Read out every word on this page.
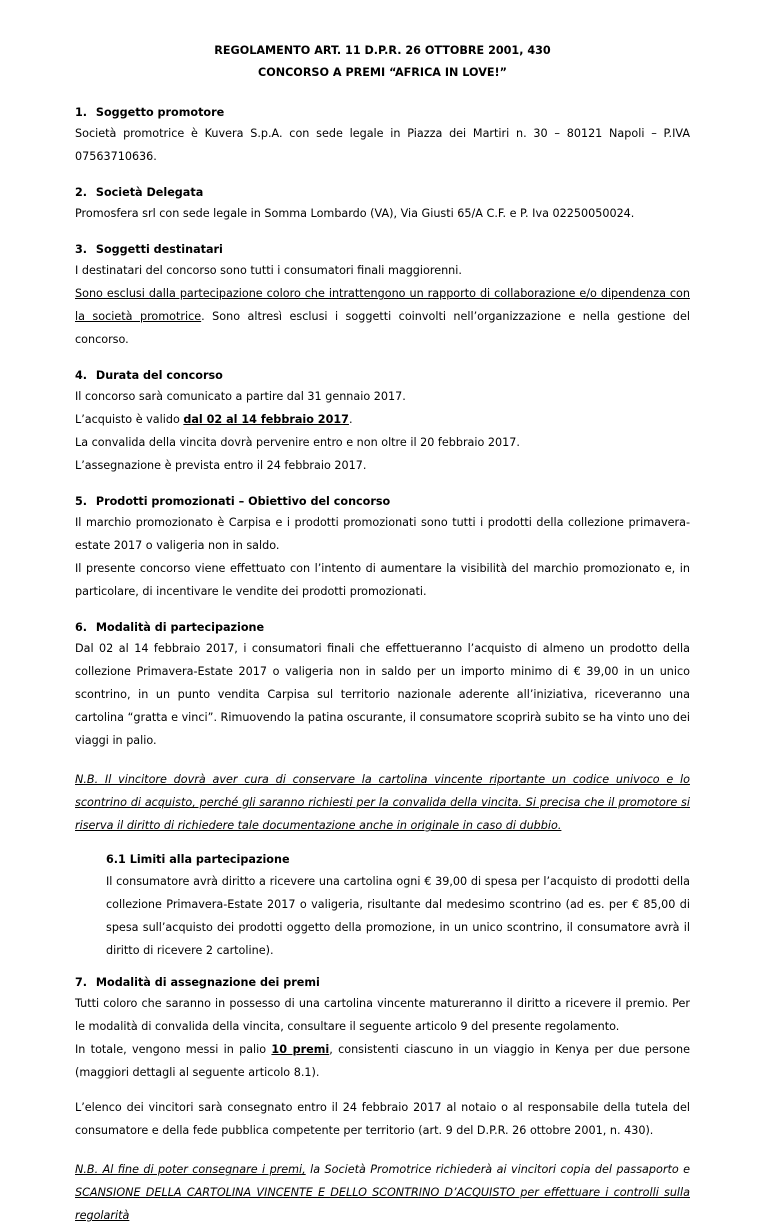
REGOLAMENTO ART. 11 D.P.R. 26 OTTOBRE 2001, 430

CONCORSO A PREMI “AFRICA IN LOVE!”

1. Soggetto promotore

Società promotrice è Kuvera S.p.A. con sede legale in Piazza dei Martiri n. 30 – 80121 Napoli – P.IVA 07563710636.

2. Società Delegata

Promosfera srl con sede legale in Somma Lombardo (VA), Via Giusti 65/A C.F. e P. Iva 02250050024.

3. Soggetti destinatari

I destinatari del concorso sono tutti i consumatori finali maggiorenni.

Sono esclusi dalla partecipazione coloro che intrattengono un rapporto di collaborazione e/o dipendenza con la società promotrice. Sono altresì esclusi i soggetti coinvolti nell’organizzazione e nella gestione del concorso.

4. Durata del concorso

Il concorso sarà comunicato a partire dal 31 gennaio 2017.

L’acquisto è valido dal 02 al 14 febbraio 2017.

La convalida della vincita dovrà pervenire entro e non oltre il 20 febbraio 2017.

L’assegnazione è prevista entro il 24 febbraio 2017.

5. Prodotti promozionati – Obiettivo del concorso

Il marchio promozionato è Carpisa e i prodotti promozionati sono tutti i prodotti della collezione primavera-estate 2017 o valigeria non in saldo.

Il presente concorso viene effettuato con l’intento di aumentare la visibilità del marchio promozionato e, in particolare, di incentivare le vendite dei prodotti promozionati.

6. Modalità di partecipazione

Dal 02 al 14 febbraio 2017, i consumatori finali che effettueranno l’acquisto di almeno un prodotto della collezione Primavera-Estate 2017 o valigeria non in saldo per un importo minimo di € 39,00 in un unico scontrino, in un punto vendita Carpisa sul territorio nazionale aderente all’iniziativa, riceveranno una cartolina “gratta e vinci”. Rimuovendo la patina oscurante, il consumatore scoprirà subito se ha vinto uno dei viaggi in palio.

N.B. Il vincitore dovrà aver cura di conservare la cartolina vincente riportante un codice univoco e lo scontrino di acquisto, perché gli saranno richiesti per la convalida della vincita. Si precisa che il promotore si riserva il diritto di richiedere tale documentazione anche in originale in caso di dubbio.

6.1 Limiti alla partecipazione

Il consumatore avrà diritto a ricevere una cartolina ogni € 39,00 di spesa per l’acquisto di prodotti della collezione Primavera-Estate 2017 o valigeria, risultante dal medesimo scontrino (ad es. per € 85,00 di spesa sull’acquisto dei prodotti oggetto della promozione, in un unico scontrino, il consumatore avrà il diritto di ricevere 2 cartoline).

7. Modalità di assegnazione dei premi

Tutti coloro che saranno in possesso di una cartolina vincente matureranno il diritto a ricevere il premio. Per le modalità di convalida della vincita, consultare il seguente articolo 9 del presente regolamento.

In totale, vengono messi in palio 10 premi, consistenti ciascuno in un viaggio in Kenya per due persone (maggiori dettagli al seguente articolo 8.1).

L’elenco dei vincitori sarà consegnato entro il 24 febbraio 2017 al notaio o al responsabile della tutela del consumatore e della fede pubblica competente per territorio (art. 9 del D.P.R. 26 ottobre 2001, n. 430).

N.B. Al fine di poter consegnare i premi, la Società Promotrice richiederà ai vincitori copia del passaporto e SCANSIONE DELLA CARTOLINA VINCENTE E DELLO SCONTRINO D’ACQUISTO per effettuare i controlli sulla regolarità
